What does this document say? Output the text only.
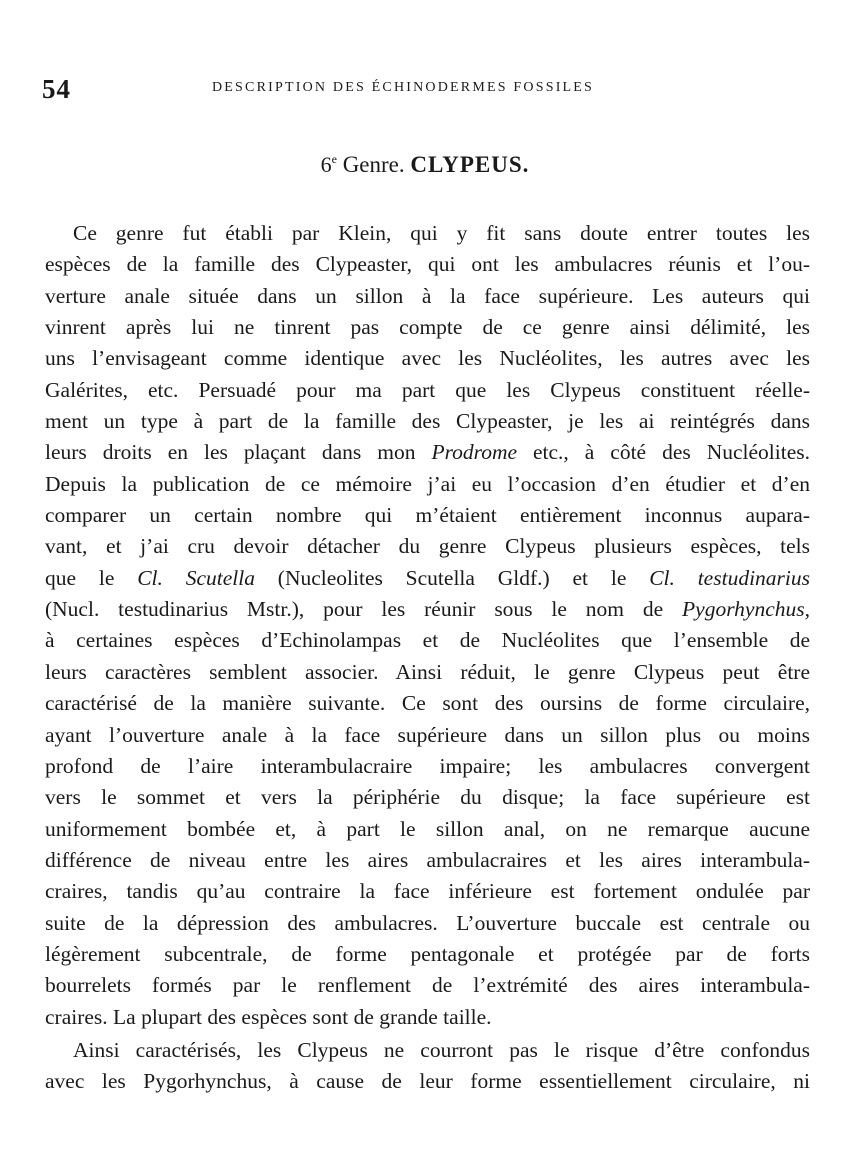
54	DESCRIPTION DES ÉCHINODERMES FOSSILES
6e Genre. CLYPEUS.
Ce genre fut établi par Klein, qui y fit sans doute entrer toutes les
espèces de la famille des Clypeaster, qui ont les ambulacres réunis et l’ou-
verture anale située dans un sillon à la face supérieure. Les auteurs qui
vinrent après lui ne tinrent pas compte de ce genre ainsi délimité, les
uns l’envisageant comme identique avec les Nucléolites, les autres avec les
Galérites, etc. Persuadé pour ma part que les Clypeus constituent réelle-
ment un type à part de la famille des Clypeaster, je les ai reintégrés dans
leurs droits en les plaçant dans mon Prodrome etc., à côté des Nucléolites.
Depuis la publication de ce mémoire j’ai eu l’occasion d’en étudier et d’en
comparer un certain nombre qui m’étaient entièrement inconnus aupara-
vant, et j’ai cru devoir détacher du genre Clypeus plusieurs espèces, tels
que le Cl. Scutella (Nucleolites Scutella Gldf.) et le Cl. testudinarius
(Nucl. testudinarius Mstr.), pour les réunir sous le nom de Pygorhynchus,
à certaines espèces d’Echinolampas et de Nucléolites que l’ensemble de
leurs caractères semblent associer. Ainsi réduit, le genre Clypeus peut être
caractérisé de la manière suivante. Ce sont des oursins de forme circulaire,
ayant l’ouverture anale à la face supérieure dans un sillon plus ou moins
profond de l’aire interambulacraire impaire; les ambulacres convergent
vers le sommet et vers la périphérie du disque; la face supérieure est
uniformement bombée et, à part le sillon anal, on ne remarque aucune
différence de niveau entre les aires ambulacraires et les aires interambula-
craires, tandis qu’au contraire la face inférieure est fortement ondulée par
suite de la dépression des ambulacres. L’ouverture buccale est centrale ou
légèrement subcentrale, de forme pentagonale et protégée par de forts
bourrelets formés par le renflement de l’extrémité des aires interambula-
craires. La plupart des espèces sont de grande taille.
Ainsi caractérisés, les Clypeus ne courront pas le risque d’être confondus
avec les Pygorhynchus, à cause de leur forme essentiellement circulaire, ni
